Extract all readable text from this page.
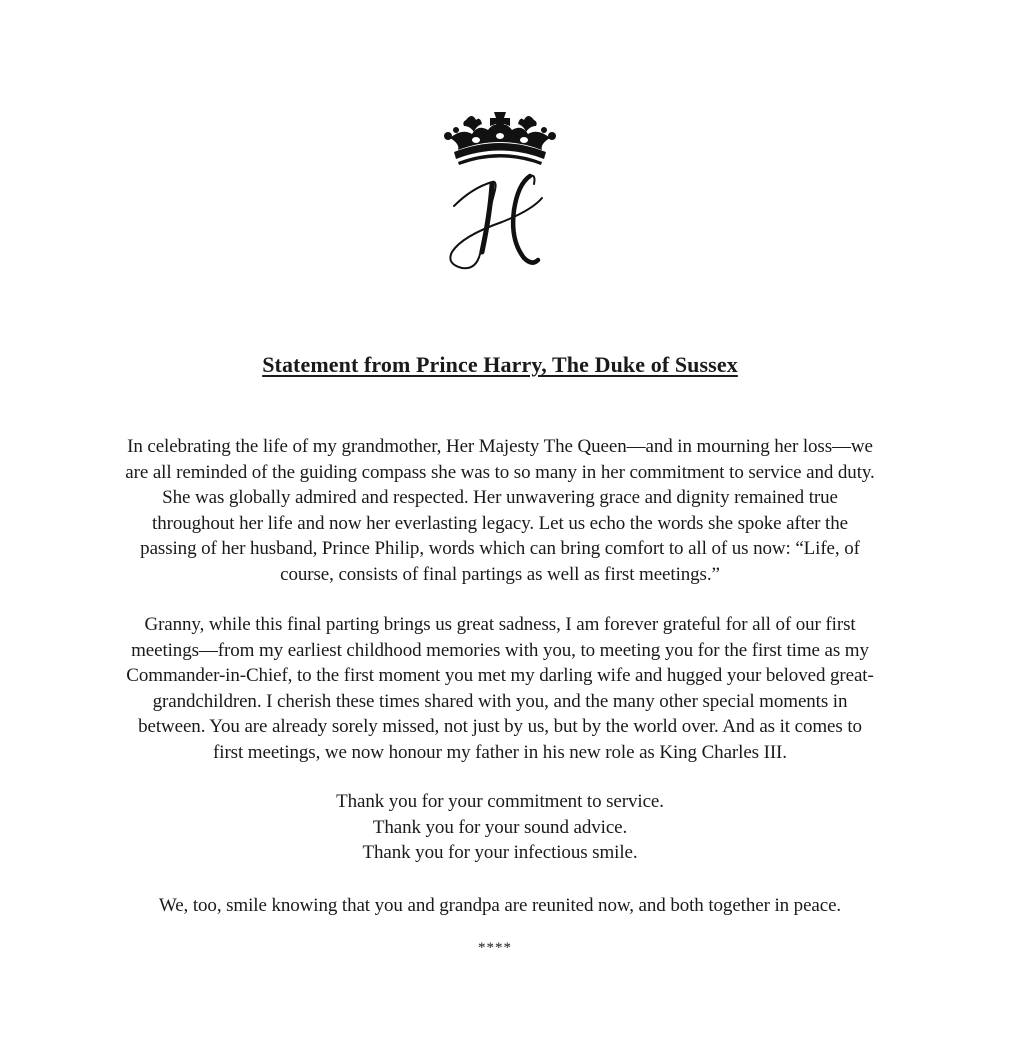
Statement from Prince Harry, The Duke of Sussex
In celebrating the life of my grandmother, Her Majesty The Queen—and in mourning her loss—we
are all reminded of the guiding compass she was to so many in her commitment to service and duty.
She was globally admired and respected. Her unwavering grace and dignity remained true
throughout her life and now her everlasting legacy. Let us echo the words she spoke after the
passing of her husband, Prince Philip, words which can bring comfort to all of us now: “Life, of
course, consists of final partings as well as first meetings.”
Granny, while this final parting brings us great sadness, I am forever grateful for all of our first
meetings—from my earliest childhood memories with you, to meeting you for the first time as my
Commander-in-Chief, to the first moment you met my darling wife and hugged your beloved great-
grandchildren. I cherish these times shared with you, and the many other special moments in
between. You are already sorely missed, not just by us, but by the world over. And as it comes to
first meetings, we now honour my father in his new role as King Charles III.
Thank you for your commitment to service.
Thank you for your sound advice.
Thank you for your infectious smile.
We, too, smile knowing that you and grandpa are reunited now, and both together in peace.
****
